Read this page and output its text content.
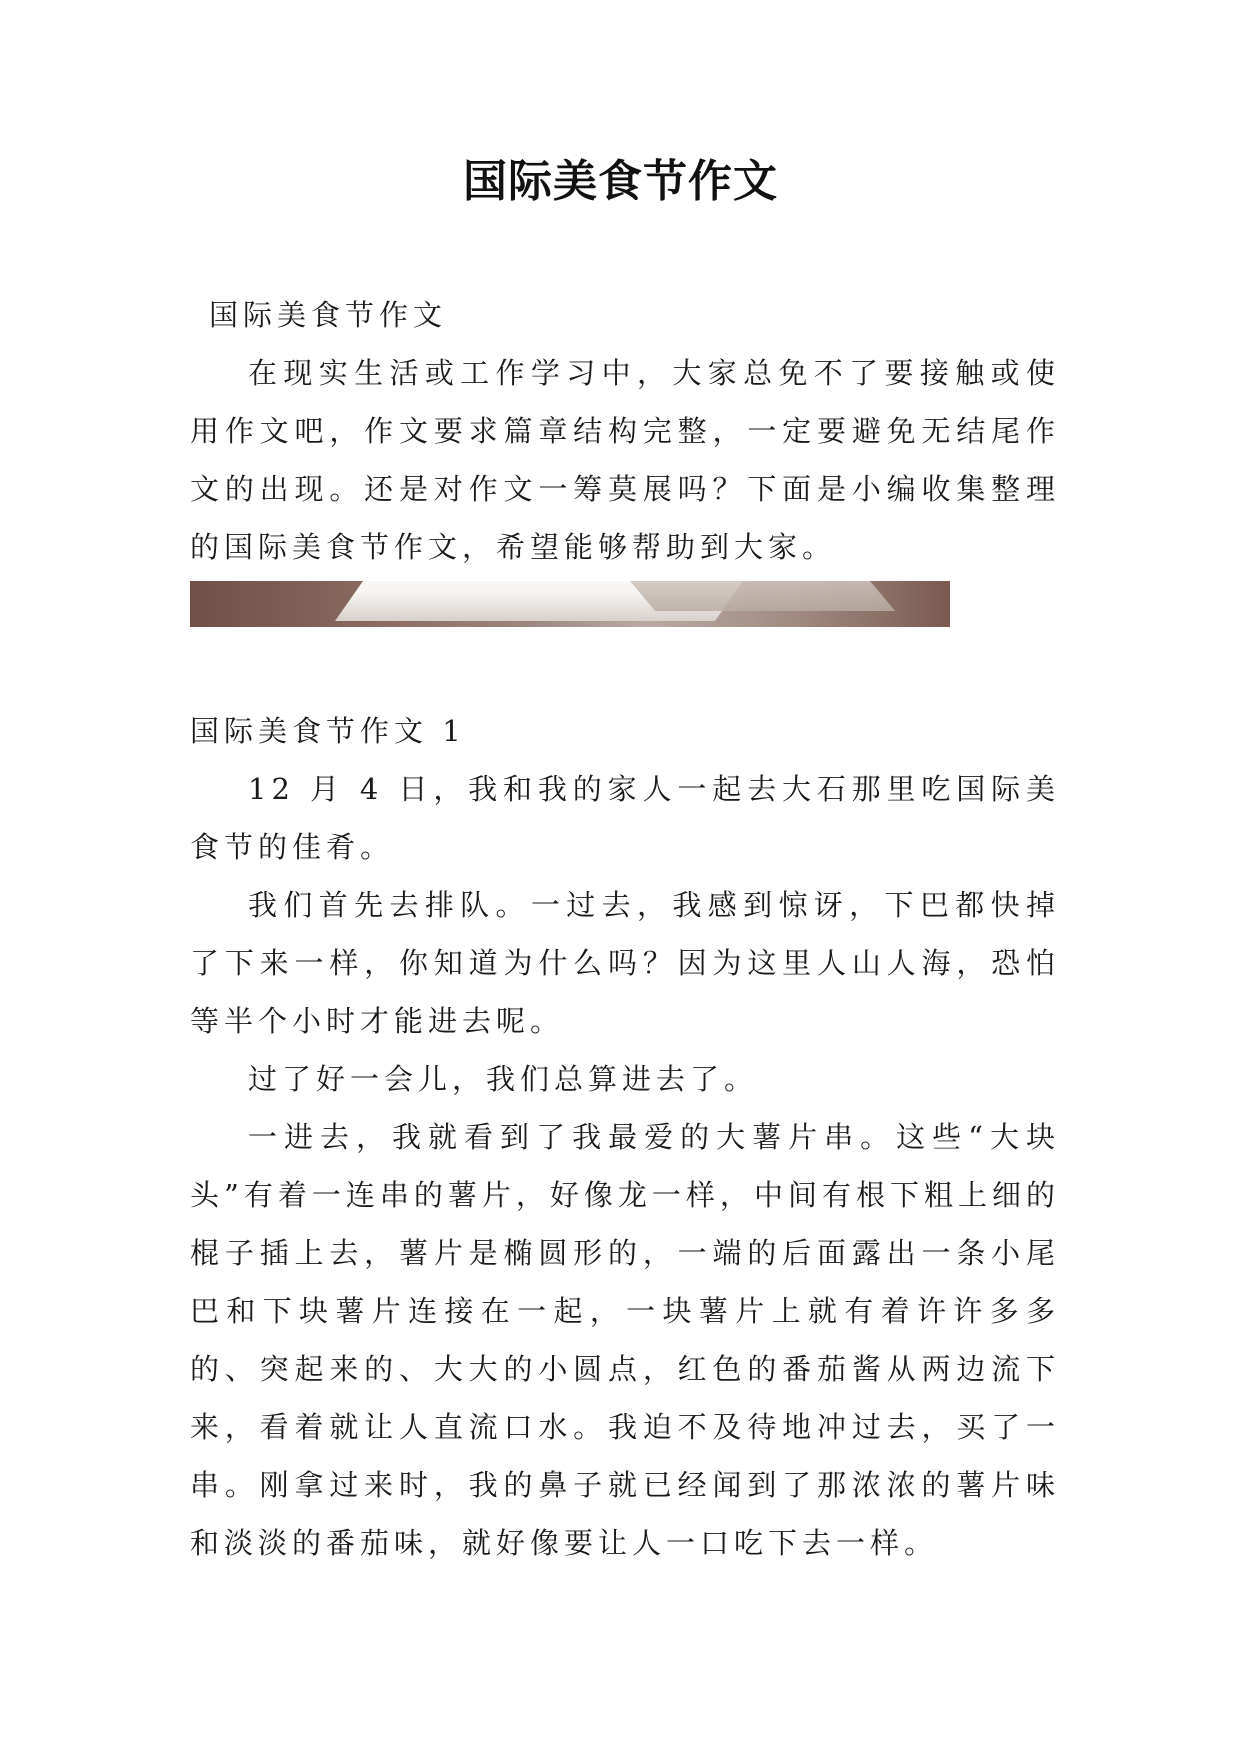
国际美食节作文

国际美食节作文

在现实生活或工作学习中，大家总免不了要接触或使用作文吧，作文要求篇章结构完整，一定要避免无结尾作文的出现。还是对作文一筹莫展吗？下面是小编收集整理的国际美食节作文，希望能够帮助到大家。

国际美食节作文 1

12 月 4 日，我和我的家人一起去大石那里吃国际美食节的佳肴。

我们首先去排队。一过去，我感到惊讶，下巴都快掉了下来一样，你知道为什么吗？因为这里人山人海，恐怕等半个小时才能进去呢。

过了好一会儿，我们总算进去了。

一进去，我就看到了我最爱的大薯片串。这些“大块头”有着一连串的薯片，好像龙一样，中间有根下粗上细的棍子插上去，薯片是椭圆形的，一端的后面露出一条小尾巴和下块薯片连接在一起，一块薯片上就有着许许多多的、突起来的、大大的小圆点，红色的番茄酱从两边流下来，看着就让人直流口水。我迫不及待地冲过去，买了一串。刚拿过来时，我的鼻子就已经闻到了那浓浓的薯片味和淡淡的番茄味，就好像要让人一口吃下去一样。
